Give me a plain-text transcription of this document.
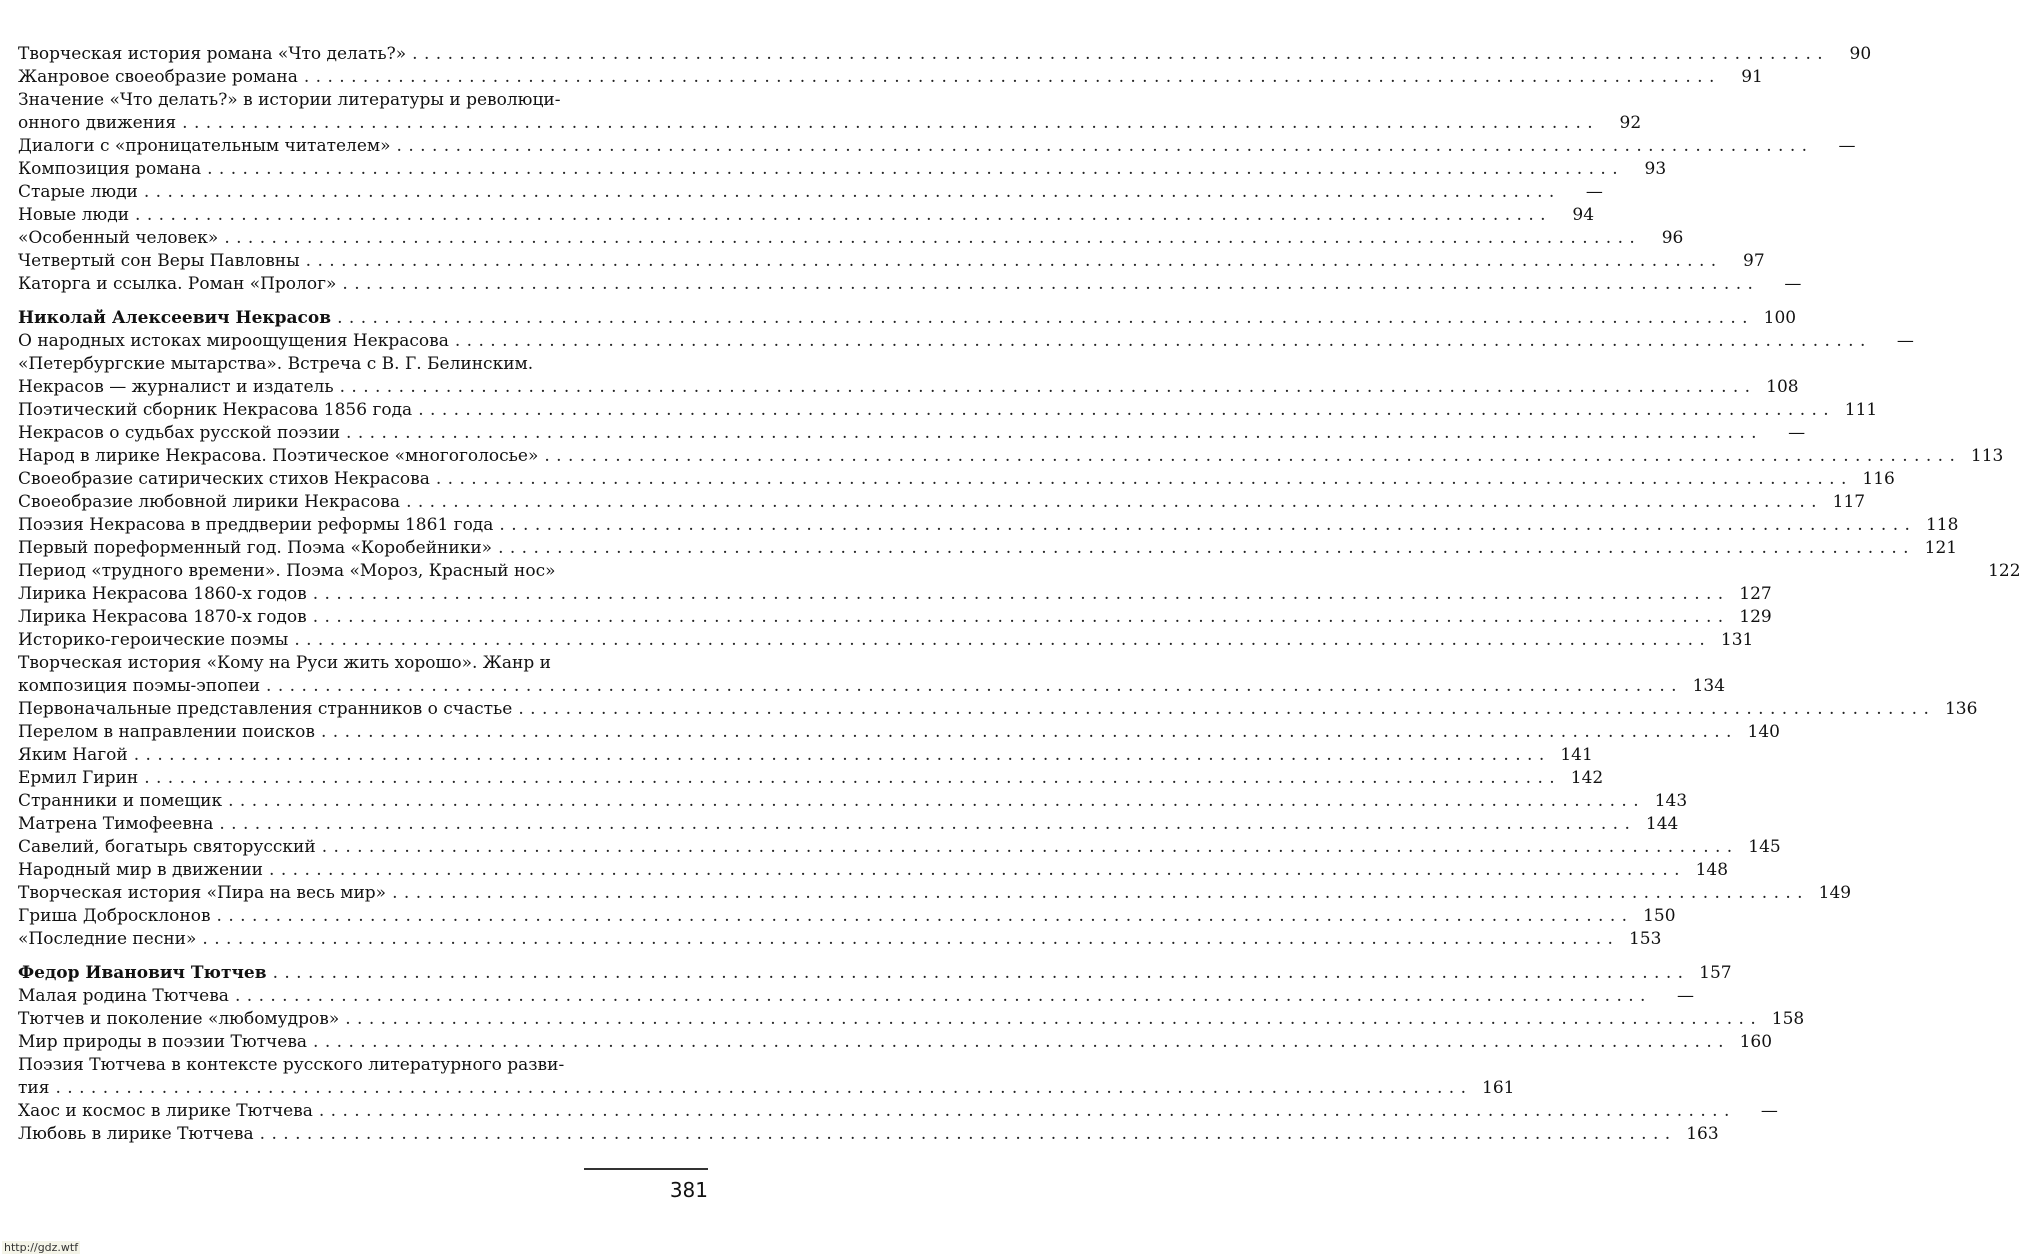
Творческая история романа «Что делать?» . . .	90
Жанровое своеобразие романа . . .	91
Значение «Что делать?» в истории литературы и революци-
онного движения . . .	92
Диалоги с «проницательным читателем» . . .	—
Композиция романа . . .	93
Старые люди . . .	—
Новые люди . . .	94
«Особенный человек» . . .	96
Четвертый сон Веры Павловны . . .	97
Каторга и ссылка. Роман «Пролог» . . .	—
Николай Алексеевич Некрасов . . .	100
О народных истоках мироощущения Некрасова . . .	—
«Петербургские мытарства». Встреча с В. Г. Белинским.
Некрасов — журналист и издатель . . .	108
Поэтический сборник Некрасова 1856 года . . .	111
Некрасов о судьбах русской поэзии . . .	—
Народ в лирике Некрасова. Поэтическое «многоголосье» . . .	113
Своеобразие сатирических стихов Некрасова . . .	116
Своеобразие любовной лирики Некрасова . . .	117
Поэзия Некрасова в преддверии реформы 1861 года . . .	118
Первый пореформенный год. Поэма «Коробейники» . . .	121
Период «трудного времени». Поэма «Мороз, Красный нос»	122
Лирика Некрасова 1860-х годов . . .	127
Лирика Некрасова 1870-х годов . . .	129
Историко-героические поэмы . . .	131
Творческая история «Кому на Руси жить хорошо». Жанр и
композиция поэмы-эпопеи . . .	134
Первоначальные представления странников о счастье . . .	136
Перелом в направлении поисков . . .	140
Яким Нагой . . .	141
Ермил Гирин . . .	142
Странники и помещик . . .	143
Матрена Тимофеевна . . .	144
Савелий, богатырь святорусский . . .	145
Народный мир в движении . . .	148
Творческая история «Пира на весь мир» . . .	149
Гриша Добросклонов . . .	150
«Последние песни» . . .	153
Федор Иванович Тютчев . . .	157
Малая родина Тютчева . . .	—
Тютчев и поколение «любомудров» . . .	158
Мир природы в поэзии Тютчева . . .	160
Поэзия Тютчева в контексте русского литературного разви-
тия . . .	161
Хаос и космос в лирике Тютчева . . .	—
Любовь в лирике Тютчева . . .	163
381
http://gdz.wtf
